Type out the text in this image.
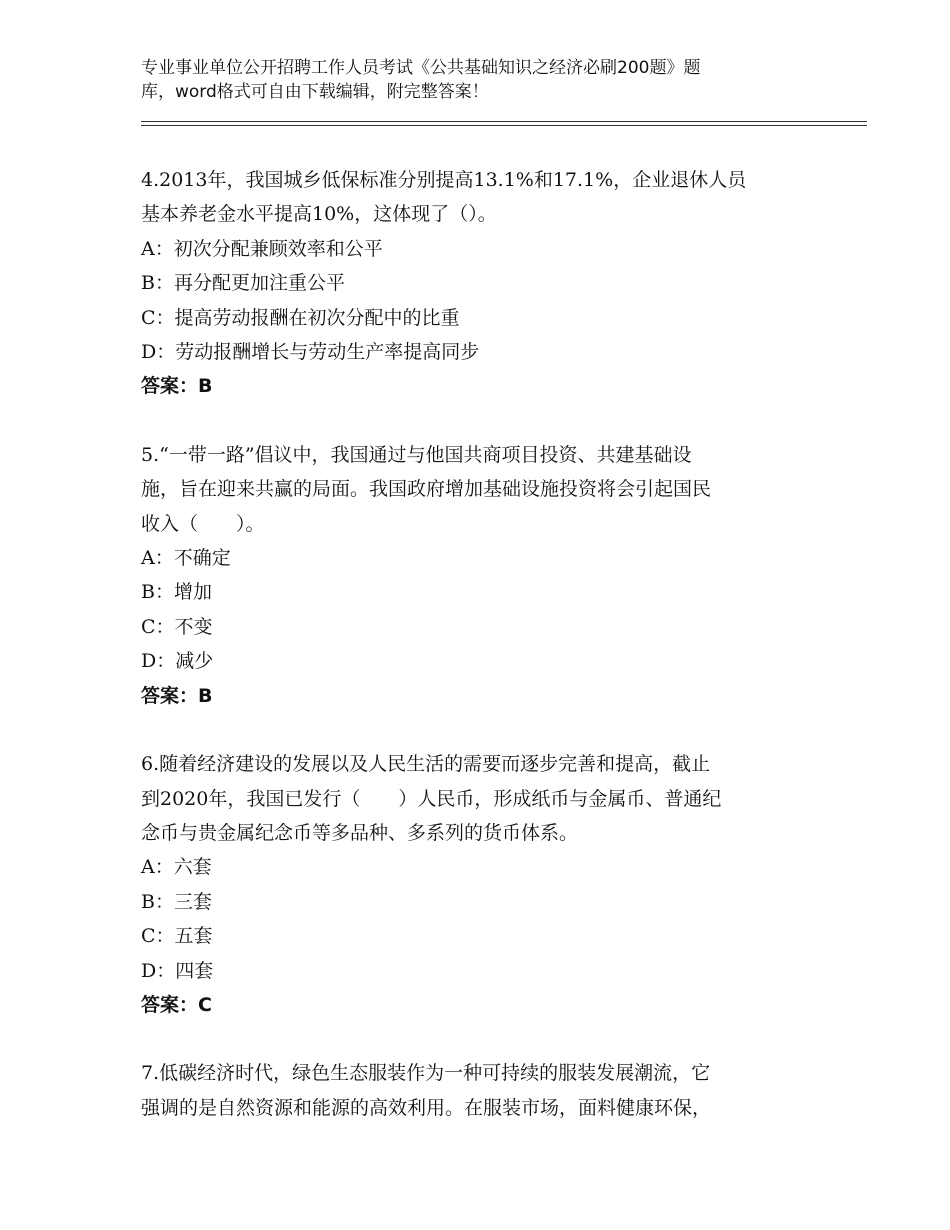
专业事业单位公开招聘工作人员考试《公共基础知识之经济必刷200题》题
库，word格式可自由下载编辑，附完整答案！
4.2013年，我国城乡低保标准分别提高13.1%和17.1%，企业退休人员
基本养老金水平提高10%，这体现了（）。
A：初次分配兼顾效率和公平
B：再分配更加注重公平
C：提高劳动报酬在初次分配中的比重
D：劳动报酬增长与劳动生产率提高同步
答案：B
5.“一带一路”倡议中，我国通过与他国共商项目投资、共建基础设
施，旨在迎来共赢的局面。我国政府增加基础设施投资将会引起国民
收入（　　）。
A：不确定
B：增加
C：不变
D：减少
答案：B
6.随着经济建设的发展以及人民生活的需要而逐步完善和提高，截止
到2020年，我国已发行（　　）人民币，形成纸币与金属币、普通纪
念币与贵金属纪念币等多品种、多系列的货币体系。
A：六套
B：三套
C：五套
D：四套
答案：C
7.低碳经济时代，绿色生态服装作为一种可持续的服装发展潮流，它
强调的是自然资源和能源的高效利用。在服装市场，面料健康环保，
